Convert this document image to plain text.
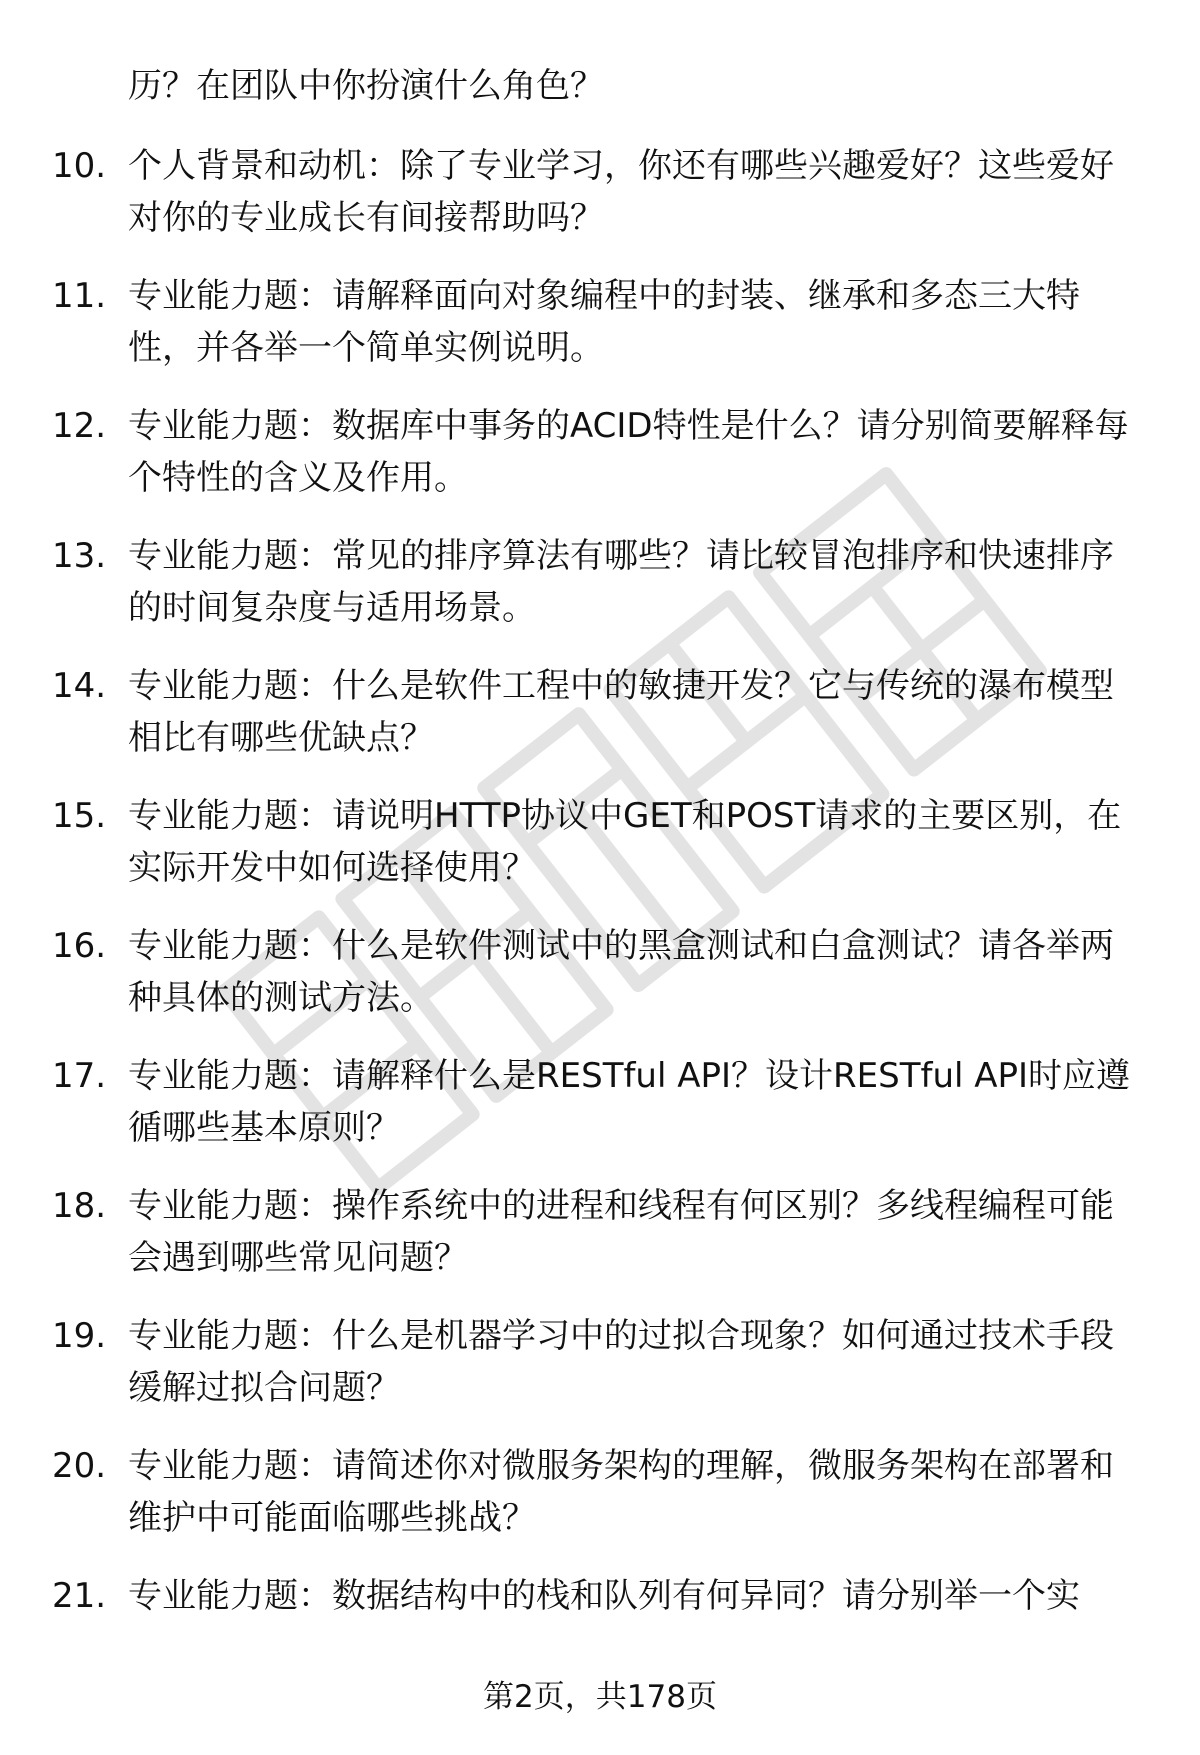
历？在团队中你扮演什么角色？
10. 个人背景和动机：除了专业学习，你还有哪些兴趣爱好？这些爱好对你的专业成长有间接帮助吗？
11. 专业能力题：请解释面向对象编程中的封装、继承和多态三大特性，并各举一个简单实例说明。
12. 专业能力题：数据库中事务的ACID特性是什么？请分别简要解释每个特性的含义及作用。
13. 专业能力题：常见的排序算法有哪些？请比较冒泡排序和快速排序的时间复杂度与适用场景。
14. 专业能力题：什么是软件工程中的敏捷开发？它与传统的瀑布模型相比有哪些优缺点？
15. 专业能力题：请说明HTTP协议中GET和POST请求的主要区别，在实际开发中如何选择使用？
16. 专业能力题：什么是软件测试中的黑盒测试和白盒测试？请各举两种具体的测试方法。
17. 专业能力题：请解释什么是RESTful API？设计RESTful API时应遵循哪些基本原则？
18. 专业能力题：操作系统中的进程和线程有何区别？多线程编程可能会遇到哪些常见问题？
19. 专业能力题：什么是机器学习中的过拟合现象？如何通过技术手段缓解过拟合问题？
20. 专业能力题：请简述你对微服务架构的理解，微服务架构在部署和维护中可能面临哪些挑战？
21. 专业能力题：数据结构中的栈和队列有何异同？请分别举一个实
第2页，共178页
